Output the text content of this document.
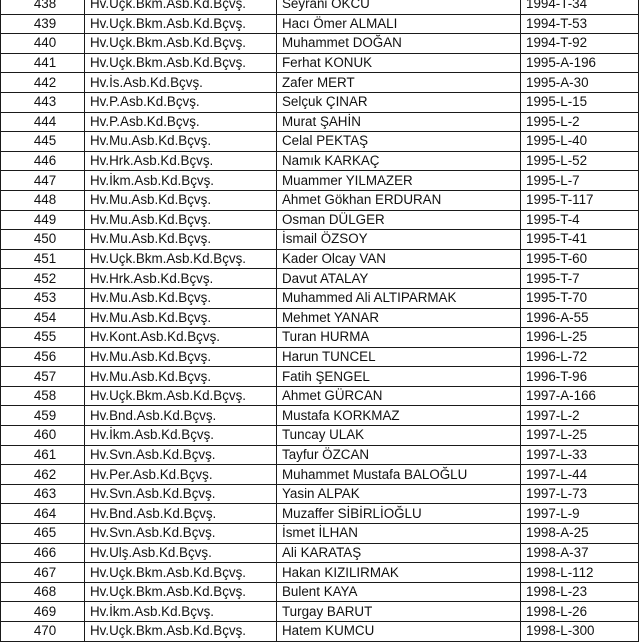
438	Hv.Uçk.Bkm.Asb.Kd.Bçvş.	Seyrani OKCU	1994-T-34
439	Hv.Uçk.Bkm.Asb.Kd.Bçvş.	Hacı Ömer ALMALI	1994-T-53
440	Hv.Uçk.Bkm.Asb.Kd.Bçvş.	Muhammet DOĞAN	1994-T-92
441	Hv.Uçk.Bkm.Asb.Kd.Bçvş.	Ferhat KONUK	1995-A-196
442	Hv.İs.Asb.Kd.Bçvş.	Zafer MERT	1995-A-30
443	Hv.P.Asb.Kd.Bçvş.	Selçuk ÇINAR	1995-L-15
444	Hv.P.Asb.Kd.Bçvş.	Murat ŞAHİN	1995-L-2
445	Hv.Mu.Asb.Kd.Bçvş.	Celal PEKTAŞ	1995-L-40
446	Hv.Hrk.Asb.Kd.Bçvş.	Namık KARKAÇ	1995-L-52
447	Hv.İkm.Asb.Kd.Bçvş.	Muammer YILMAZER	1995-L-7
448	Hv.Mu.Asb.Kd.Bçvş.	Ahmet Gökhan ERDURAN	1995-T-117
449	Hv.Mu.Asb.Kd.Bçvş.	Osman DÜLGER	1995-T-4
450	Hv.Mu.Asb.Kd.Bçvş.	İsmail ÖZSOY	1995-T-41
451	Hv.Uçk.Bkm.Asb.Kd.Bçvş.	Kader Olcay VAN	1995-T-60
452	Hv.Hrk.Asb.Kd.Bçvş.	Davut ATALAY	1995-T-7
453	Hv.Mu.Asb.Kd.Bçvş.	Muhammed Ali ALTIPARMAK	1995-T-70
454	Hv.Mu.Asb.Kd.Bçvş.	Mehmet YANAR	1996-A-55
455	Hv.Kont.Asb.Kd.Bçvş.	Turan HURMA	1996-L-25
456	Hv.Mu.Asb.Kd.Bçvş.	Harun TUNCEL	1996-L-72
457	Hv.Mu.Asb.Kd.Bçvş.	Fatih ŞENGEL	1996-T-96
458	Hv.Uçk.Bkm.Asb.Kd.Bçvş.	Ahmet GÜRCAN	1997-A-166
459	Hv.Bnd.Asb.Kd.Bçvş.	Mustafa KORKMAZ	1997-L-2
460	Hv.İkm.Asb.Kd.Bçvş.	Tuncay ULAK	1997-L-25
461	Hv.Svn.Asb.Kd.Bçvş.	Tayfur ÖZCAN	1997-L-33
462	Hv.Per.Asb.Kd.Bçvş.	Muhammet Mustafa BALOĞLU	1997-L-44
463	Hv.Svn.Asb.Kd.Bçvş.	Yasin ALPAK	1997-L-73
464	Hv.Bnd.Asb.Kd.Bçvş.	Muzaffer SİBİRLİOĞLU	1997-L-9
465	Hv.Svn.Asb.Kd.Bçvş.	İsmet İLHAN	1998-A-25
466	Hv.Ulş.Asb.Kd.Bçvş.	Ali KARATAŞ	1998-A-37
467	Hv.Uçk.Bkm.Asb.Kd.Bçvş.	Hakan KIZILIRMAK	1998-L-112
468	Hv.Uçk.Bkm.Asb.Kd.Bçvş.	Bulent KAYA	1998-L-23
469	Hv.İkm.Asb.Kd.Bçvş.	Turgay BARUT	1998-L-26
470	Hv.Uçk.Bkm.Asb.Kd.Bçvş.	Hatem KUMCU	1998-L-300
